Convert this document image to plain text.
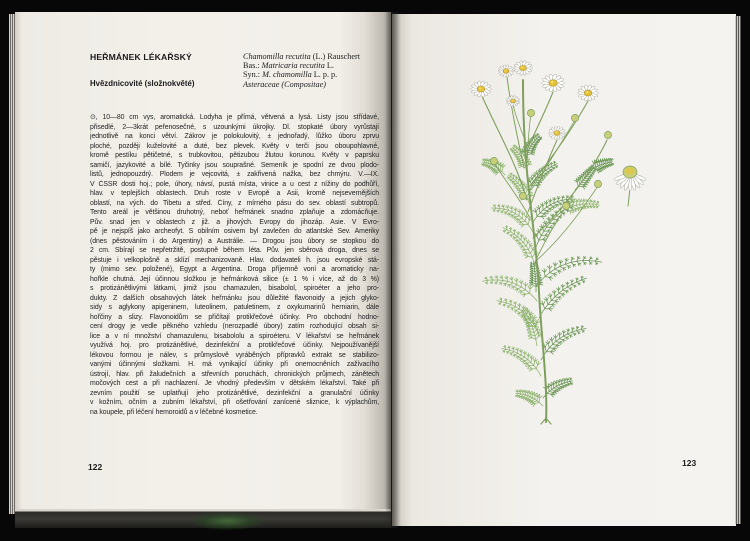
HEŘMÁNEK LÉKAŘSKÝ
Hvězdnicovité (složnokvěté)
Chamomilla recutita (L.) Rauschert
Bas.: Matricaria recutita L.
Syn.: M. chamomilla L. p. p.
Asteraceae (Compositae)
⊙, 10—80 cm vys, aromatická. Lodyha je přímá, větvená a lysá. Listy jsou střídavé,
přisedlé, 2—3krát peřenosečné, s uzounkými úkrojky. Dl. stopkaté úbory vyrůstají
jednotlivě na konci větví. Zákrov je polokulovitý, ± jednořadý, lůžko úboru zprvu
ploché, později kuželovité a duté, bez plevek. Květy v terči jsou oboupohlavné,
kromě pestíku pětičetné, s trubkovitou, pětizubou žlutou korunou. Květy v paprsku
samičí, jazykovité a bílé. Tyčinky jsou souprašné. Semeník je spodní ze dvou plodo-
listů, jednopouzdrý. Plodem je vejcovitá, ± zakřivená nažka, bez chmýru. V.—IX.
V ČSSR dosti hoj.; pole, úhory, návsí, pustá místa, vinice a u cest z nížiny do podhůří,
hlav. v teplejších oblastech. Druh roste v Evropě a Asii, kromě nejsevernějších
oblastí, na vých. do Tibetu a střed. Číny, z mírného pásu do sev. oblastí subtropů.
Tento areál je většinou druhotný, neboť heřmánek snadno zplaňuje a zdomácňuje.
Pův. snad jen v oblastech z již. a jihových. Evropy do jihozáp. Asie. V Evro-
pě je nejspíš jako archeofyt. S obilním osivem byl zavlečen do atlantské Sev. Ameriky
(dnes pěstováním i do Argentiny) a Austrálie. — Drogou jsou úbory se stopkou do
2 cm. Sbírají se nepřetržitě, postupně během léta. Pův. jen sběrová droga, dnes se
pěstuje i velkoplošně a sklízí mechanizovaně. Hlav. dodavateli h. jsou evropské stá-
ty (mimo sev. položené), Egypt a Argentina. Droga příjemně voní a aromaticky na-
hořkle chutná. Její účinnou složkou je heřmánková silice (± 1 % i více, až do 3 %)
s protizánětlivými látkami, jimiž jsou chamazulen, bisabolol, spiroéter a jeho pro-
dukty. Z dalších obsahových látek heřmánku jsou důležité flavonoidy a jejich glyko-
sidy s aglykony apigeninem, luteolinem, patuletinem, z oxykumarinů herniarin, dále
hořčiny a slizy. Flavonoidům se přičítají protikřečové účinky. Pro obchodní hodno-
cení drogy je vedle pěkného vzhledu (nerozpadlé úbory) zatím rozhodující obsah si-
lice a v ní množství chamazulenu, bisabololu a spiroéteru. V lékařství se heřmánek
využívá hoj. pro protizánětlivé, dezinfekční a protikřečové účinky. Nejpoužívanější
lékovou formou je nálev, s průmyslově vyráběných přípravků extrakt se stabilizo-
vanými účinnými složkami. H. má vynikající účinky při onemocněních zažívacího
ústrojí, hlav. při žaludečních a střevních poruchách, chronických průjmech, zánětech
močových cest a při nachlazení. Je vhodný především v dětském lékařství. Také při
zevním použití se uplatňují jeho protizánětlivé, dezinfekční a granulační účinky
v kožním, očním a zubním lékařství, při ošetřování zanícené sliznice, k výplachům,
na koupele, při léčení hemoroidů a v léčebné kosmetice.
122	123
